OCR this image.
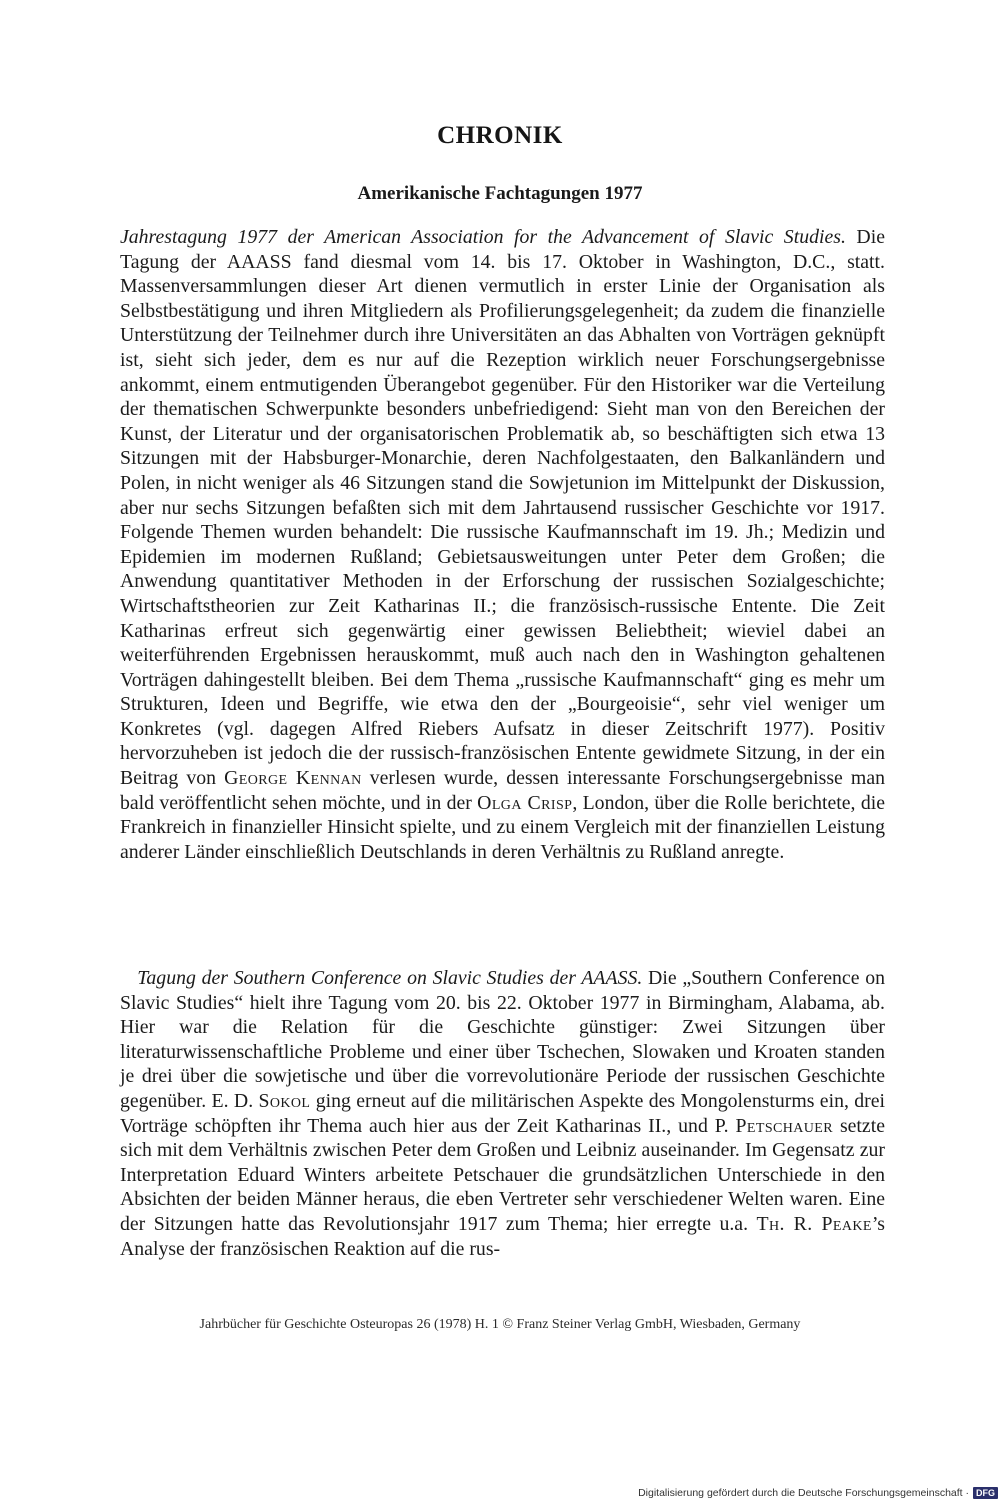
CHRONIK
Amerikanische Fachtagungen 1977

Jahrestagung 1977 der American Association for the Advancement of Slavic Studies. Die Tagung der AAASS fand diesmal vom 14. bis 17. Oktober in Washington, D.C., statt. Massenversammlungen dieser Art dienen vermutlich in erster Linie der Organisation als Selbstbestätigung und ihren Mitgliedern als Profilierungsgelegenheit; da zudem die finanzielle Unterstützung der Teilnehmer durch ihre Universitäten an das Abhalten von Vorträgen geknüpft ist, sieht sich jeder, dem es nur auf die Rezeption wirklich neuer Forschungsergebnisse ankommt, einem entmutigenden Überangebot gegenüber. Für den Historiker war die Verteilung der thematischen Schwerpunkte besonders unbefriedigend: Sieht man von den Bereichen der Kunst, der Literatur und der organisatorischen Problematik ab, so beschäftigten sich etwa 13 Sitzungen mit der Habsburger-Monarchie, deren Nachfolgestaaten, den Balkanländern und Polen, in nicht weniger als 46 Sitzungen stand die Sowjetunion im Mittelpunkt der Diskussion, aber nur sechs Sitzungen befaßten sich mit dem Jahrtausend russischer Geschichte vor 1917. Folgende Themen wurden behandelt: Die russische Kaufmannschaft im 19. Jh.; Medizin und Epidemien im modernen Rußland; Gebietsausweitungen unter Peter dem Großen; die Anwendung quantitativer Methoden in der Erforschung der russischen Sozialgeschichte; Wirtschaftstheorien zur Zeit Katharinas II.; die französisch-russische Entente. Die Zeit Katharinas erfreut sich gegenwärtig einer gewissen Beliebtheit; wieviel dabei an weiterführenden Ergebnissen herauskommt, muß auch nach den in Washington gehaltenen Vorträgen dahingestellt bleiben. Bei dem Thema „russische Kaufmannschaft“ ging es mehr um Strukturen, Ideen und Begriffe, wie etwa den der „Bourgeoisie“, sehr viel weniger um Konkretes (vgl. dagegen Alfred Riebers Aufsatz in dieser Zeitschrift 1977). Positiv hervorzuheben ist jedoch die der russisch-französischen Entente gewidmete Sitzung, in der ein Beitrag von George Kennan verlesen wurde, dessen interessante Forschungsergebnisse man bald veröffentlicht sehen möchte, und in der Olga Crisp, London, über die Rolle berichtete, die Frankreich in finanzieller Hinsicht spielte, und zu einem Vergleich mit der finanziellen Leistung anderer Länder einschließlich Deutschlands in deren Verhältnis zu Rußland anregte.

Tagung der Southern Conference on Slavic Studies der AAASS. Die „Southern Conference on Slavic Studies“ hielt ihre Tagung vom 20. bis 22. Oktober 1977 in Birmingham, Alabama, ab. Hier war die Relation für die Geschichte günstiger: Zwei Sitzungen über literaturwissenschaftliche Probleme und einer über Tschechen, Slowaken und Kroaten standen je drei über die sowjetische und über die vorrevolutionäre Periode der russischen Geschichte gegenüber. E. D. Sokol ging erneut auf die militärischen Aspekte des Mongolensturms ein, drei Vorträge schöpften ihr Thema auch hier aus der Zeit Katharinas II., und P. Petschauer setzte sich mit dem Verhältnis zwischen Peter dem Großen und Leibniz auseinander. Im Gegensatz zur Interpretation Eduard Winters arbeitete Petschauer die grundsätzlichen Unterschiede in den Absichten der beiden Männer heraus, die eben Vertreter sehr verschiedener Welten waren. Eine der Sitzungen hatte das Revolutionsjahr 1917 zum Thema; hier erregte u.a. Th. R. Peake’s Analyse der französischen Reaktion auf die rus-

Jahrbücher für Geschichte Osteuropas 26 (1978) H. 1 © Franz Steiner Verlag GmbH, Wiesbaden, Germany
Digitalisierung gefördert durch die Deutsche Forschungsgemeinschaft · DFG
